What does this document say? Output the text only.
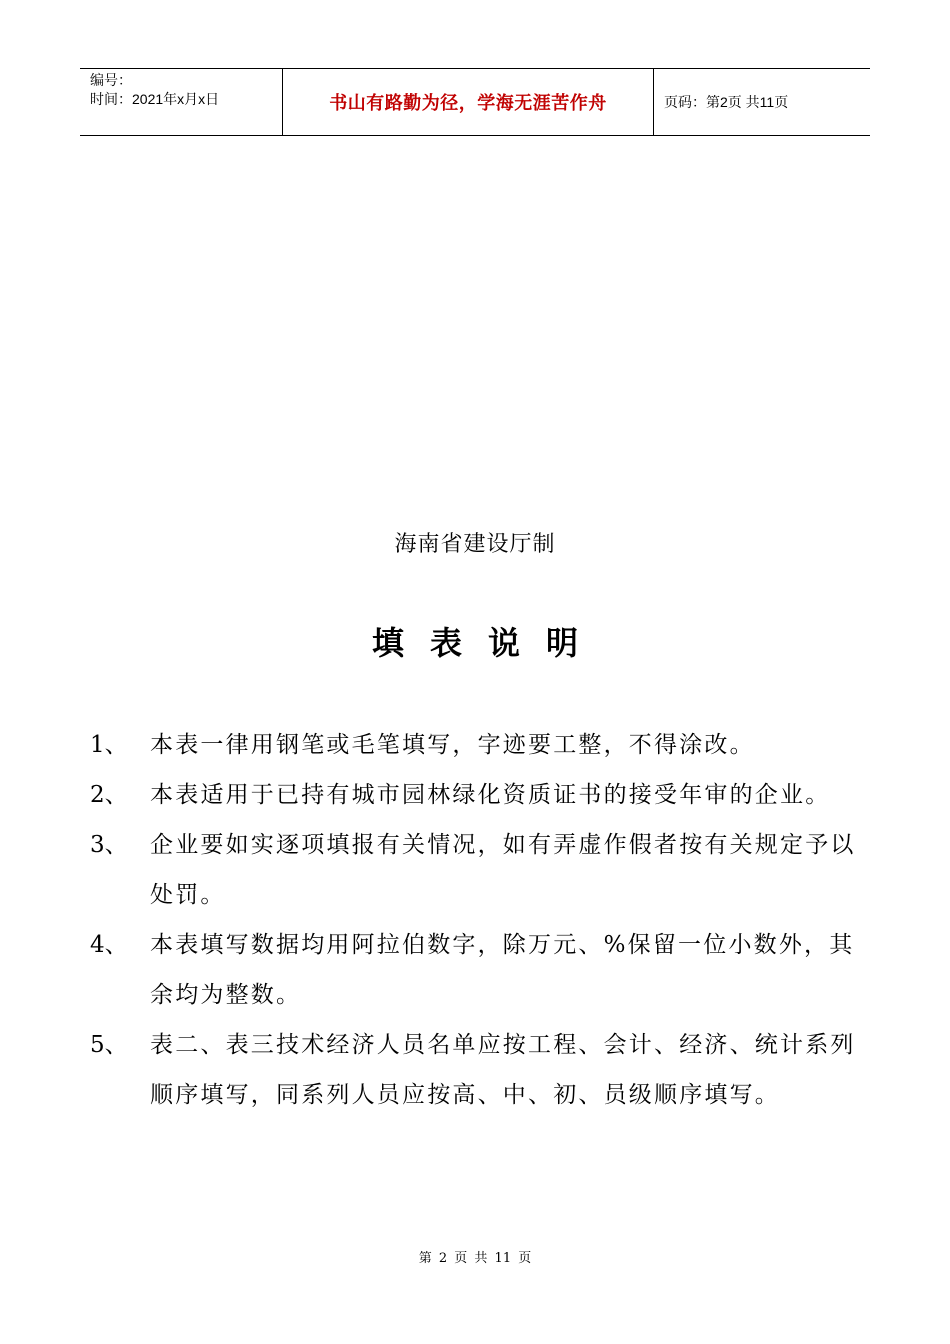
编号：
时间：2021年x月x日	书山有路勤为径，学海无涯苦作舟	页码：第2页 共11页
海南省建设厅制
填表说明
1、 本表一律用钢笔或毛笔填写，字迹要工整，不得涂改。
2、 本表适用于已持有城市园林绿化资质证书的接受年审的企业。
3、 企业要如实逐项填报有关情况，如有弄虚作假者按有关规定予以处罚。
4、 本表填写数据均用阿拉伯数字，除万元、%保留一位小数外，其余均为整数。
5、 表二、表三技术经济人员名单应按工程、会计、经济、统计系列顺序填写，同系列人员应按高、中、初、员级顺序填写。
第 2 页 共 11 页
